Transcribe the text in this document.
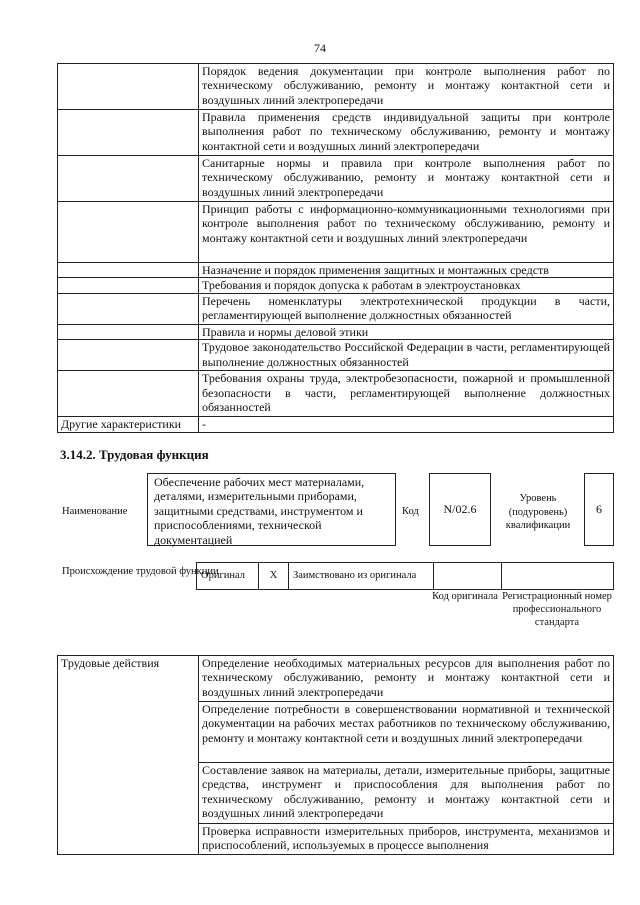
74
	Порядок ведения документации при контроле выполнения работ по техническому обслуживанию, ремонту и монтажу контактной сети и воздушных линий электропередачи
	Правила применения средств индивидуальной защиты при контроле выполнения работ по техническому обслуживанию, ремонту и монтажу контактной сети и воздушных линий электропередачи
	Санитарные нормы и правила при контроле выполнения работ по техническому обслуживанию, ремонту и монтажу контактной сети и воздушных линий электропередачи
	Принцип работы с информационно-коммуникационными технологиями при контроле выполнения работ по техническому обслуживанию, ремонту и монтажу контактной сети и воздушных линий электропередачи
	Назначение и порядок применения защитных и монтажных средств
	Требования и порядок допуска к работам в электроустановках
	Перечень номенклатуры электротехнической продукции в части, регламентирующей выполнение должностных обязанностей
	Правила и нормы деловой этики
	Трудовое законодательство Российской Федерации в части, регламентирующей выполнение должностных обязанностей
	Требования охраны труда, электробезопасности, пожарной и промышленной безопасности в части, регламентирующей выполнение должностных обязанностей
Другие характеристики	-
3.14.2. Трудовая функция
Наименование
Обеспечение рабочих мест материалами, деталями, измерительными приборами, защитными средствами, инструментом и приспособлениями, технической документацией
Код	N/02.6
Уровень (подуровень) квалификации
6
Происхождение трудовой функции
Оригинал	X	Заимствовано из оригинала		
Код оригинала Регистрационный номер профессионального стандарта
Трудовые действия	Определение необходимых материальных ресурсов для выполнения работ по техническому обслуживанию, ремонту и монтажу контактной сети и воздушных линий электропередачи
Определение потребности в совершенствовании нормативной и технической документации на рабочих местах работников по техническому обслуживанию, ремонту и монтажу контактной сети и воздушных линий электропередачи
Составление заявок на материалы, детали, измерительные приборы, защитные средства, инструмент и приспособления для выполнения работ по техническому обслуживанию, ремонту и монтажу контактной сети и воздушных линий электропередачи
Проверка исправности измерительных приборов, инструмента, механизмов и приспособлений, используемых в процессе выполнения
